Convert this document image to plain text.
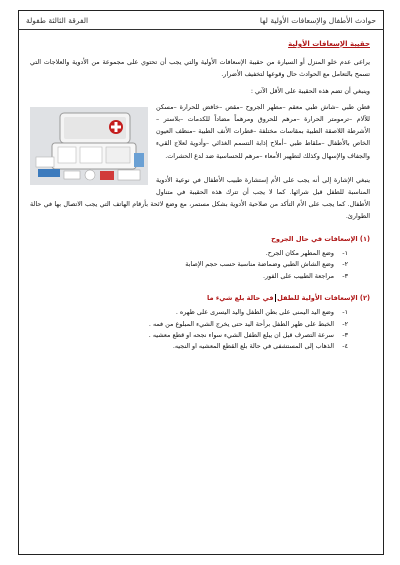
حوادث الأطفال والإسعافات الأولية لها
الفرقة الثالثة طفولة
حقيبة الإسعافات الأولية

يراعى عدم خلو المنزل أو السيارة من حقيبة الإسعافات الأولية والتي يجب أن تحتوي على مجموعة من الأدوية والعلاجات التي تسمح بالتعامل مع الحوادث حال وقوعها لتخفيف الأضرار.

وينبغي أن تضم هذه الحقيبة على الأقل الآتي :

قطن طبي –شاش طبي معقم –مطهر الجروح –مقص –خافض للحرارة –مسكن للآلام –ترمومتر الحرارة –مرهم للحروق ومرهماً مضاداً للكدمات –بلاستر –الأشرطة اللاصقة الطبية بمقاسات مختلفة –قطرات الأنف الطبية –منظف العيون الخاص بالأطفال –ملقاط طبي –أملاح إذابة التسمم الغذائي –وأدوية لعلاج القيء والجفاف والإسهال وكذلك لتطهير الأمعاء –مرهم للحساسية ضد لدغ الحشرات.

ينبغي الإشارة إلى أنه يجب على الأم إستشارة طبيب الأطفال في نوعية الأدوية المناسبة للطفل قبل شرائها. كما لا يجب أن تترك هذه الحقيبة في متناول الأطفال. كما يجب على الأم التأكد من صلاحية الأدوية بشكل مستمر، مع وضع لائحة بأرقام الهاتف التي يجب الاتصال بها في حالة الطوارئ.

(١) الإسعافات في حال الجروح
١-
وضع المطهر مكان الجرح.
٢-
وضع الشاش الطبي وضماضة مناسبة حسب حجم الإصابة
٣-
مراجعة الطبيب على الفور.
(٢) الإسعافات الأولية للطفلفي حالة بلع شيء ما
١-
وضع اليد اليمنى على بطن الطفل واليد اليسرى على ظهره .
٢-
الخبط على ظهر الطفل برأحة اليد حتى يخرج الشيء المبلوع من فمه .
٣-
سرعة التصرف قبل ان يبلع الطفل الشيء سواء نجحه او قطع معشيه .
٤-
الذهاب إلى المستشفى في حالة بلع القطع المعشيه او النجيه.
